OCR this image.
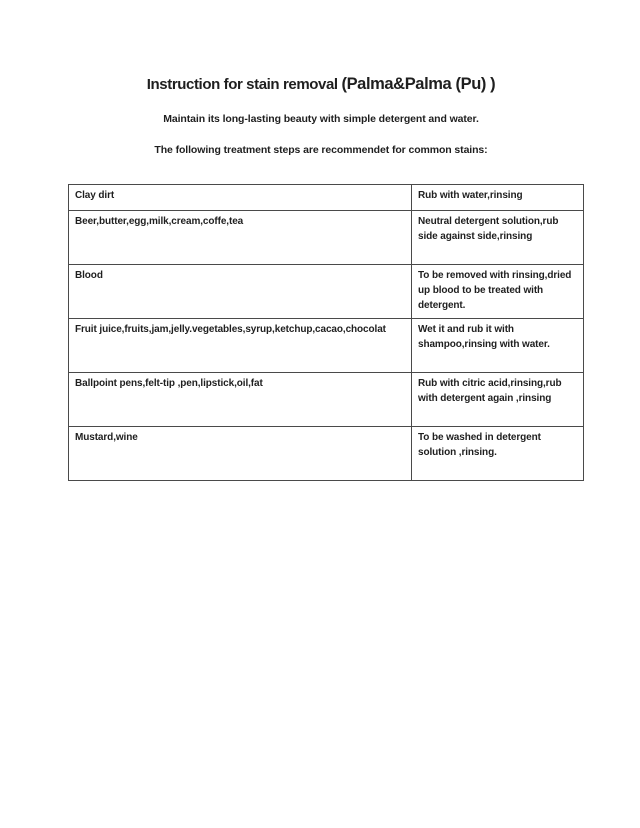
Instruction for stain removal (Palma&Palma (Pu) )

Maintain its long-lasting beauty with simple detergent and water.

The following treatment steps are recommendet for common stains:

Clay dirt	Rub with water,rinsing
Beer,butter,egg,milk,cream,coffe,tea	Neutral detergent solution,rub side against side,rinsing
Blood	To be removed with rinsing,dried up blood to be treated with detergent.
Fruit juice,fruits,jam,jelly.vegetables,syrup,ketchup,cacao,chocolat	Wet it and rub it with shampoo,rinsing with water.
Ballpoint pens,felt-tip ,pen,lipstick,oil,fat	Rub with citric acid,rinsing,rub with detergent again ,rinsing
Mustard,wine	To be washed in detergent solution ,rinsing.
